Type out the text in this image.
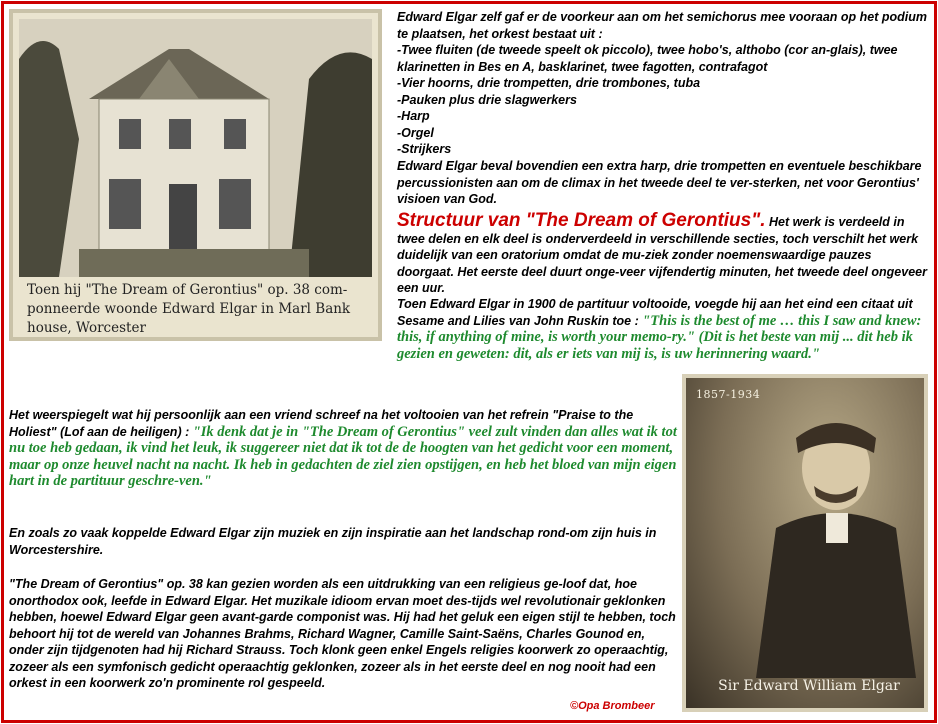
Toen hij "The Dream of Gerontius" op. 38 com-ponneerde woonde Edward Elgar in Marl Bank house, Worcester
1857-1934
Sir Edward William Elgar
Edward Elgar zelf gaf er de voorkeur aan om het semichorus mee vooraan op het podium te plaatsen, het orkest bestaat uit :
-Twee fluiten (de tweede speelt ok piccolo), twee hobo's, althobo (cor an-glais), twee klarinetten in Bes en A, basklarinet, twee fagotten, contrafagot
-Vier hoorns, drie trompetten, drie trombones, tuba
-Pauken plus drie slagwerkers
-Harp
-Orgel
-Strijkers
Edward Elgar beval bovendien een extra harp, drie trompetten en eventuele beschikbare percussionisten aan om de climax in het tweede deel te ver-sterken, net voor Gerontius' visioen van God.
Structuur van "The Dream of Gerontius". Het werk is verdeeld in twee delen en elk deel is onderverdeeld in verschillende secties, toch verschilt het werk duidelijk van een oratorium omdat de mu-ziek zonder noemenswaardige pauzes doorgaat. Het eerste deel duurt onge-veer vijfendertig minuten, het tweede deel ongeveer een uur.
Toen Edward Elgar in 1900 de partituur voltooide, voegde hij aan het eind een citaat uit Sesame and Lilies van John Ruskin toe : "This is the best of me … this I saw and knew: this, if anything of mine, is worth your memo-ry." (Dit is het beste van mij ... dit heb ik gezien en geweten: dit, als er iets van mij is, is uw herinnering waard."
Het weerspiegelt wat hij persoonlijk aan een vriend schreef na het voltooien van het refrein "Praise to the Holiest" (Lof aan de heiligen) : "Ik denk dat je in "The Dream of Gerontius" veel zult vinden dan alles wat ik tot nu toe heb gedaan, ik vind het leuk, ik suggereer niet dat ik tot de de hoogten van het gedicht voor een moment, maar op onze heuvel nacht na nacht. Ik heb in gedachten de ziel zien opstijgen, en heb het bloed van mijn eigen hart in de partituur geschre-ven."
En zoals zo vaak koppelde Edward Elgar zijn muziek en zijn inspiratie aan het landschap rond-om zijn huis in Worcestershire.
"The Dream of Gerontius" op. 38 kan gezien worden als een uitdrukking van een religieus ge-loof dat, hoe onorthodox ook, leefde in Edward Elgar. Het muzikale idioom ervan moet des-tijds wel revolutionair geklonken hebben, hoewel Edward Elgar geen avant-garde componist was. Hij had het geluk een eigen stijl te hebben, toch behoort hij tot de wereld van Johannes Brahms, Richard Wagner, Camille Saint-Saëns, Charles Gounod en, onder zijn tijdgenoten had hij Richard Strauss. Toch klonk geen enkel Engels religies koorwerk zo operaachtig, zozeer als een symfonisch gedicht operaachtig geklonken, zozeer als in het eerste deel en nog nooit had een orkest in een koorwerk zo'n prominente rol gespeeld.
©Opa Brombeer
